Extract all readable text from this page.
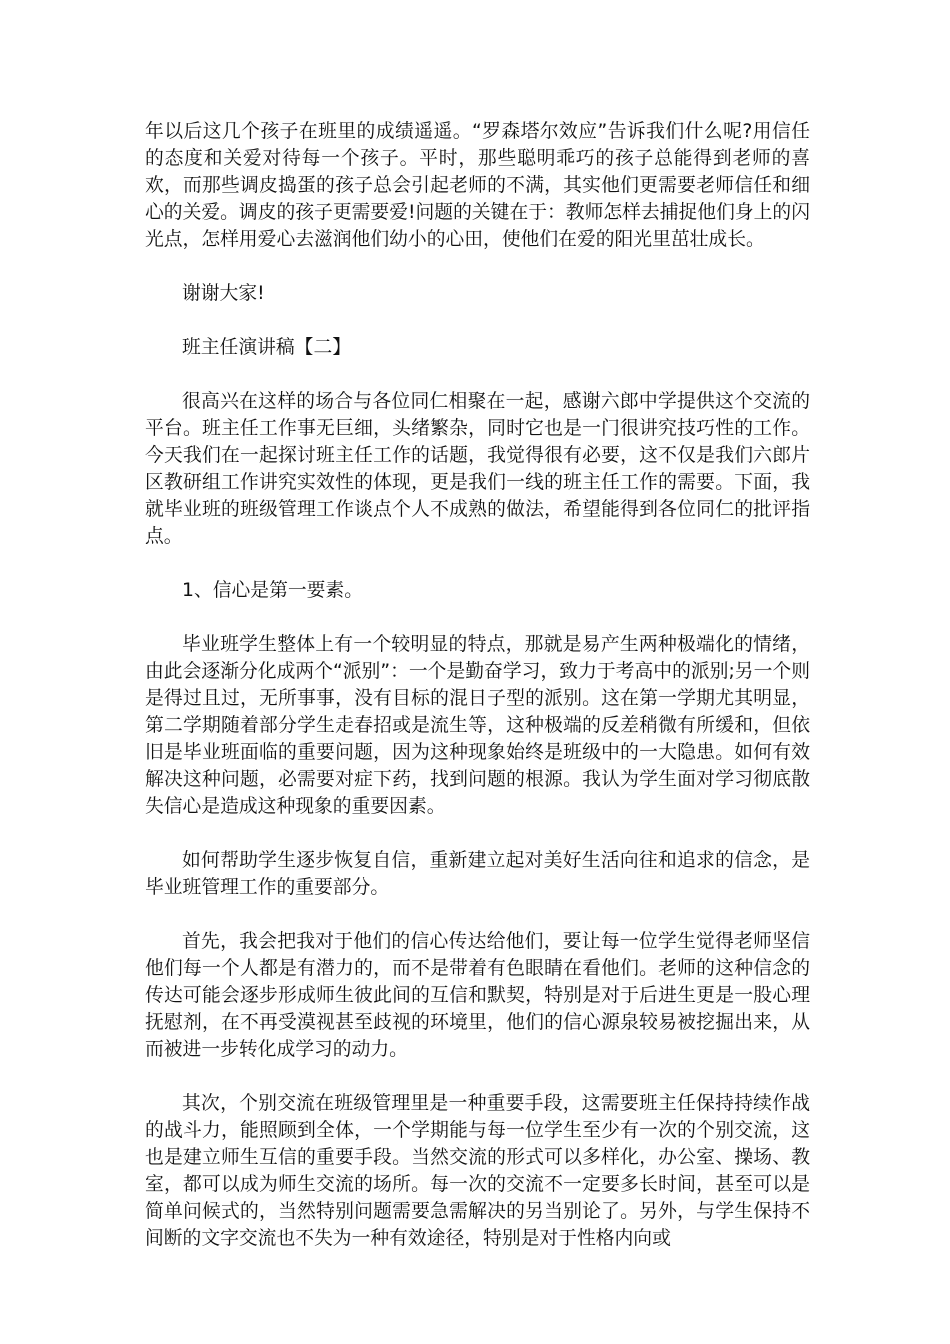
年以后这几个孩子在班里的成绩遥遥。“罗森塔尔效应”告诉我们什么呢?用信任的态度和关爱对待每一个孩子。平时，那些聪明乖巧的孩子总能得到老师的喜欢，而那些调皮捣蛋的孩子总会引起老师的不满，其实他们更需要老师信任和细心的关爱。调皮的孩子更需要爱!问题的关键在于：教师怎样去捕捉他们身上的闪光点，怎样用爱心去滋润他们幼小的心田，使他们在爱的阳光里茁壮成长。

谢谢大家!

班主任演讲稿【二】

很高兴在这样的场合与各位同仁相聚在一起，感谢六郎中学提供这个交流的平台。班主任工作事无巨细，头绪繁杂，同时它也是一门很讲究技巧性的工作。今天我们在一起探讨班主任工作的话题，我觉得很有必要，这不仅是我们六郎片区教研组工作讲究实效性的体现，更是我们一线的班主任工作的需要。下面，我就毕业班的班级管理工作谈点个人不成熟的做法，希望能得到各位同仁的批评指点。

1、信心是第一要素。

毕业班学生整体上有一个较明显的特点，那就是易产生两种极端化的情绪，由此会逐渐分化成两个“派别”：一个是勤奋学习，致力于考高中的派别;另一个则是得过且过，无所事事，没有目标的混日子型的派别。这在第一学期尤其明显，第二学期随着部分学生走春招或是流生等，这种极端的反差稍微有所缓和，但依旧是毕业班面临的重要问题，因为这种现象始终是班级中的一大隐患。如何有效解决这种问题，必需要对症下药，找到问题的根源。我认为学生面对学习彻底散失信心是造成这种现象的重要因素。

如何帮助学生逐步恢复自信，重新建立起对美好生活向往和追求的信念，是毕业班管理工作的重要部分。

首先，我会把我对于他们的信心传达给他们，要让每一位学生觉得老师坚信他们每一个人都是有潜力的，而不是带着有色眼睛在看他们。老师的这种信念的传达可能会逐步形成师生彼此间的互信和默契，特别是对于后进生更是一股心理抚慰剂，在不再受漠视甚至歧视的环境里，他们的信心源泉较易被挖掘出来，从而被进一步转化成学习的动力。

其次，个别交流在班级管理里是一种重要手段，这需要班主任保持持续作战的战斗力，能照顾到全体，一个学期能与每一位学生至少有一次的个别交流，这也是建立师生互信的重要手段。当然交流的形式可以多样化，办公室、操场、教室，都可以成为师生交流的场所。每一次的交流不一定要多长时间，甚至可以是简单问候式的，当然特别问题需要急需解决的另当别论了。另外，与学生保持不间断的文字交流也不失为一种有效途径，特别是对于性格内向或
